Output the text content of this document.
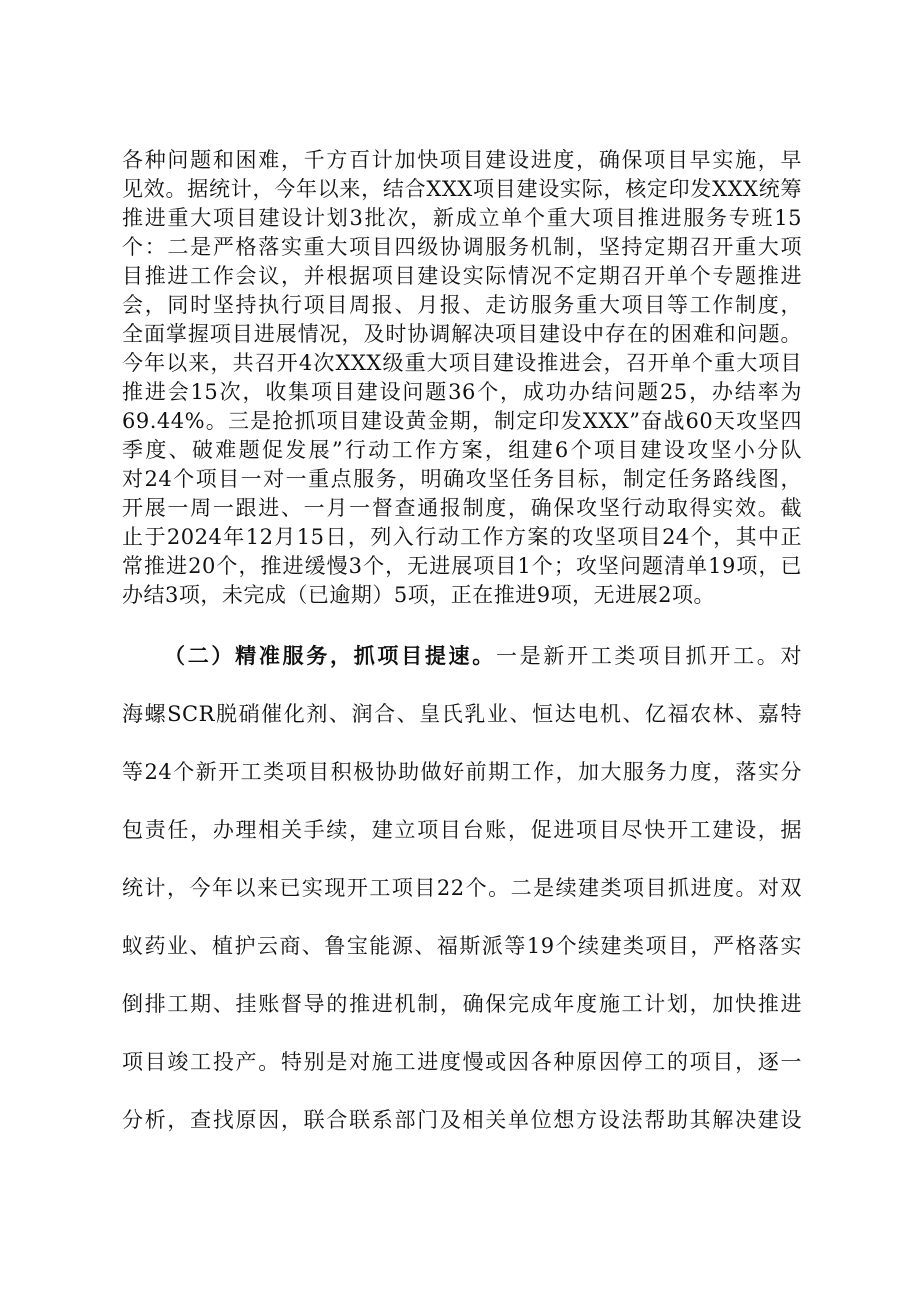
各种问题和困难，千方百计加快项目建设进度，确保项目早实施，早
见效。据统计，今年以来，结合XXX项目建设实际，核定印发XXX统筹
推进重大项目建设计划3批次，新成立单个重大项目推进服务专班15
个：二是严格落实重大项目四级协调服务机制，坚持定期召开重大项
目推进工作会议，并根据项目建设实际情况不定期召开单个专题推进
会，同时坚持执行项目周报、月报、走访服务重大项目等工作制度，
全面掌握项目进展情况，及时协调解决项目建设中存在的困难和问题。
今年以来，共召开4次XXX级重大项目建设推进会，召开单个重大项目
推进会15次，收集项目建设问题36个，成功办结问题25，办结率为
69.44%。三是抢抓项目建设黄金期，制定印发XXX”奋战60天攻坚四
季度、破难题促发展”行动工作方案，组建6个项目建设攻坚小分队
对24个项目一对一重点服务，明确攻坚任务目标，制定任务路线图，
开展一周一跟进、一月一督查通报制度，确保攻坚行动取得实效。截
止于2024年12月15日，列入行动工作方案的攻坚项目24个，其中正
常推进20个，推进缓慢3个，无进展项目1个；攻坚问题清单19项，已
办结3项，未完成（已逾期）5项，正在推进9项，无进展2项。
（二）精准服务，抓项目提速。一是新开工类项目抓开工。对
海螺SCR脱硝催化剂、润合、皇氏乳业、恒达电机、亿福农林、嘉特
等24个新开工类项目积极协助做好前期工作，加大服务力度，落实分
包责任，办理相关手续，建立项目台账，促进项目尽快开工建设，据
统计，今年以来已实现开工项目22个。二是续建类项目抓进度。对双
蚁药业、植护云商、鲁宝能源、福斯派等19个续建类项目，严格落实
倒排工期、挂账督导的推进机制，确保完成年度施工计划，加快推进
项目竣工投产。特别是对施工进度慢或因各种原因停工的项目，逐一
分析，查找原因，联合联系部门及相关单位想方设法帮助其解决建设
